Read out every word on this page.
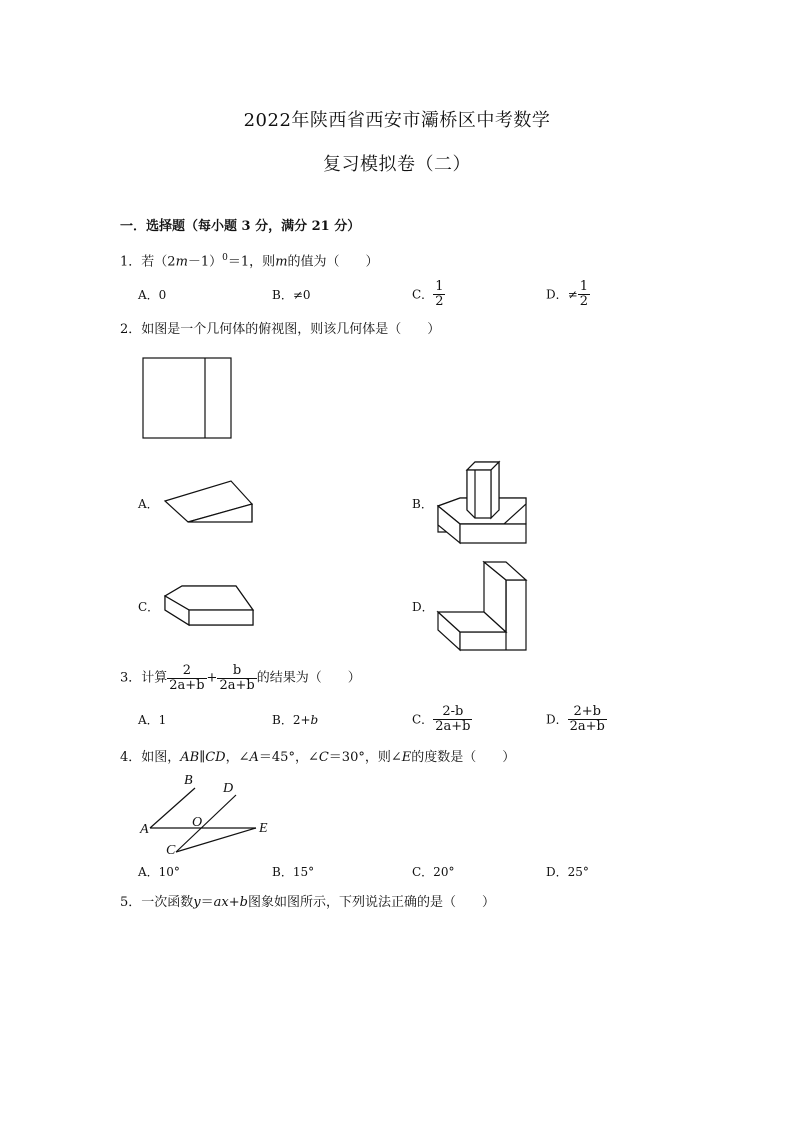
2022年陕西省西安市灞桥区中考数学
复习模拟卷（二）
一．选择题（每小题 3 分，满分 21 分）
1．若$(2m-1)^0=1$，则m的值为（　　）
A．0	B．≠0	C． $\frac{1}{2}$	D．≠ $\frac{1}{2}$
2．如图是一个几何体的俯视图，则该几何体是（　　）
A
B
C
D
E
O
A．	B．
C．	D．
3．计算 $\frac{2}{2a+b} + \frac{b}{2a+b}$ 的结果为（　　）
A．1	B．2+b	C． $\frac{2-b}{2a+b}$	D． $\frac{2+b}{2a+b}$
4．如图，AB∥CD，∠A＝45°，∠C＝30°，则∠E的度数是（　　）
A．10°	B．15°	C．20°	D．25°
5．一次函数y＝ax+b图象如图所示，下列说法正确的是（　　）
